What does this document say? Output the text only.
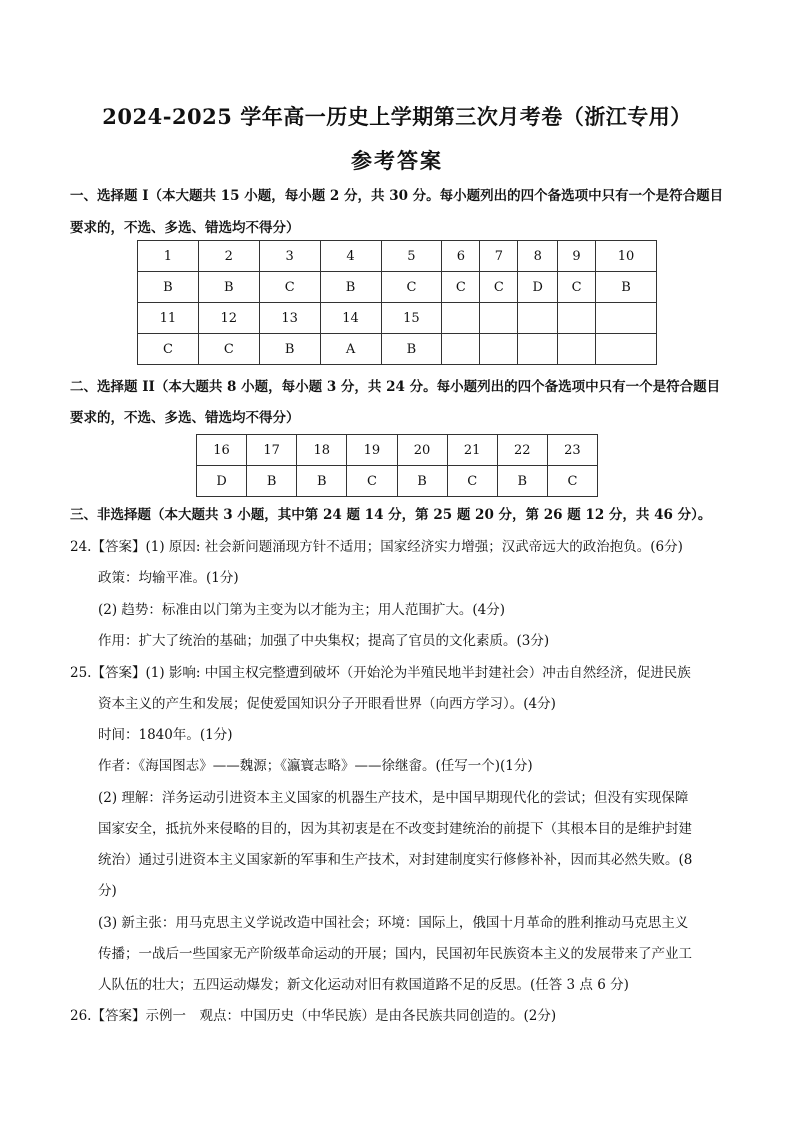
2024-2025 学年高一历史上学期第三次月考卷（浙江专用）
参考答案
一、选择题 I（本大题共 15 小题，每小题 2 分，共 30 分。每小题列出的四个备选项中只有一个是符合题目
要求的，不选、多选、错选均不得分）
1	2	3	4	5	6	7	8	9	10
B	B	C	B	C	C	C	D	C	B
11	12	13	14	15					
C	C	B	A	B					
二、选择题 II（本大题共 8 小题，每小题 3 分，共 24 分。每小题列出的四个备选项中只有一个是符合题目
要求的，不选、多选、错选均不得分）
16	17	18	19	20	21	22	23
D	B	B	C	B	C	B	C
三、非选择题（本大题共 3 小题，其中第 24 题 14 分，第 25 题 20 分，第 26 题 12 分，共 46 分）。
24.【答案】(1) 原因: 社会新问题涌现方针不适用；国家经济实力增强；汉武帝远大的政治抱负。(6分)
政策：均输平准。(1分)
(2) 趋势：标准由以门第为主变为以才能为主；用人范围扩大。(4分)
作用：扩大了统治的基础；加强了中央集权；提高了官员的文化素质。(3分)
25.【答案】(1) 影响: 中国主权完整遭到破坏（开始沦为半殖民地半封建社会）冲击自然经济，促进民族
资本主义的产生和发展；促使爱国知识分子开眼看世界（向西方学习）。(4分)
时间：1840年。(1分)
作者：《海国图志》——魏源；《瀛寰志略》——徐继畲。(任写一个)(1分)
(2) 理解：洋务运动引进资本主义国家的机器生产技术，是中国早期现代化的尝试；但没有实现保障
国家安全，抵抗外来侵略的目的，因为其初衷是在不改变封建统治的前提下（其根本目的是维护封建
统治）通过引进资本主义国家新的军事和生产技术，对封建制度实行修修补补，因而其必然失败。(8
分)
(3) 新主张：用马克思主义学说改造中国社会；环境：国际上，俄国十月革命的胜利推动马克思主义
传播；一战后一些国家无产阶级革命运动的开展；国内，民国初年民族资本主义的发展带来了产业工
人队伍的壮大；五四运动爆发；新文化运动对旧有救国道路不足的反思。(任答 3 点 6 分)
26.【答案】示例一　观点：中国历史（中华民族）是由各民族共同创造的。(2分)
